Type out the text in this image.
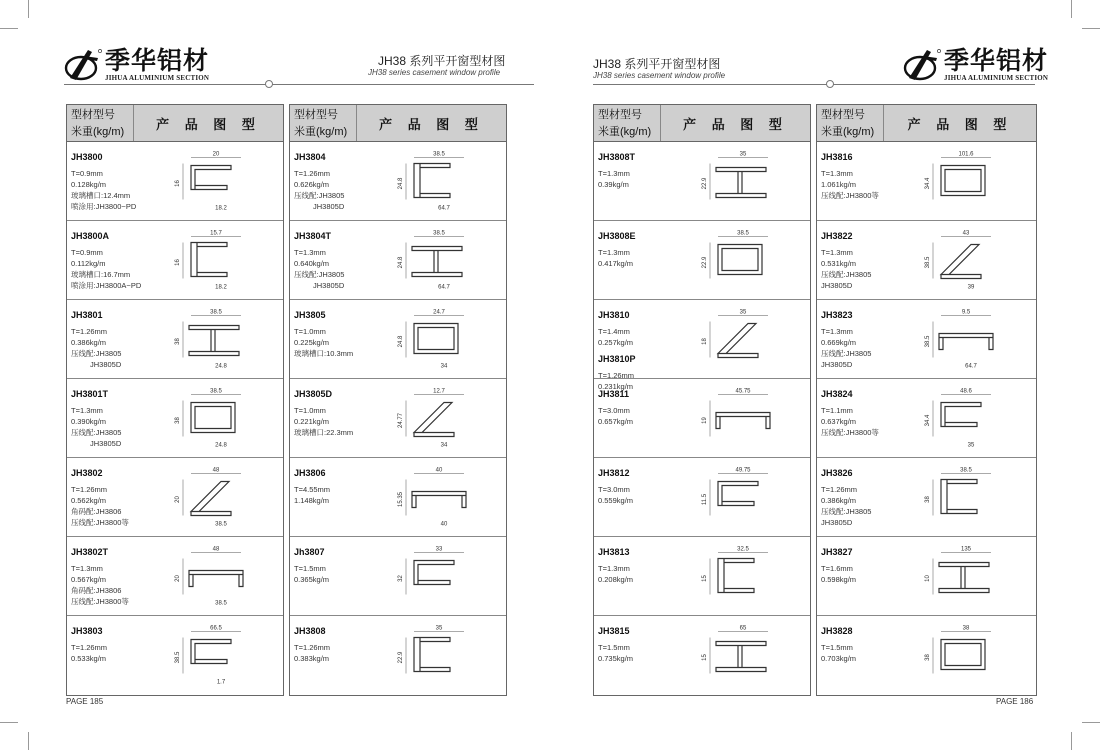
季华铝材
JIHUA ALUMINIUM SECTION
JH38 系列平开窗型材图
JH38 series casement window profile
JH38 系列平开窗型材图
JH38 series casement window profile
季华铝材
JIHUA ALUMINIUM SECTION
型材型号
米重(kg/m)
产 品 图 型
JH3800
T=0.9mm
0.128kg/m
玻璃槽口:12.4mm
喷涂用:JH3800−PD
20
16
18.2
JH3800A
T=0.9mm
0.112kg/m
玻璃槽口:16.7mm
喷涂用:JH3800A−PD
15.7
16
18.2
JH3801
T=1.26mm
0.386kg/m
压线配:JH3805
JH3805D
38.5
38
24.8
JH3801T
T=1.3mm
0.390kg/m
压线配:JH3805
JH3805D
38.5
38
24.8
JH3802
T=1.26mm
0.562kg/m
角码配:JH3806
压线配:JH3800等
48
20
38.5
JH3802T
T=1.3mm
0.567kg/m
角码配:JH3806
压线配:JH3800等
48
20
38.5
JH3803
T=1.26mm
0.533kg/m
66.5
38.5
1.7
型材型号
米重(kg/m)
产 品 图 型
JH3804
T=1.26mm
0.626kg/m
压线配:JH3805
JH3805D
38.5
24.8
64.7
JH3804T
T=1.3mm
0.640kg/m
压线配:JH3805
JH3805D
38.5
24.8
64.7
JH3805
T=1.0mm
0.225kg/m
玻璃槽口:10.3mm
24.7
24.8
34
JH3805D
T=1.0mm
0.221kg/m
玻璃槽口:22.3mm
12.7
24.77
34
JH3806
T=4.55mm
1.148kg/m
40
15.35
40
Jh3807
T=1.5mm
0.365kg/m
33
32
JH3808
T=1.26mm
0.383kg/m
35
22.9
型材型号
米重(kg/m)
产 品 图 型
JH3808T
T=1.3mm
0.39kg/m
35
22.9
JH3808E
T=1.3mm
0.417kg/m
38.5
22.9
JH3810
T=1.4mm
0.257kg/m
JH3810P
T=1.26mm
0.231kg/m
35
18
JH3811
T=3.0mm
0.657kg/m
45.75
19
JH3812
T=3.0mm
0.559kg/m
49.75
11.5
JH3813
T=1.3mm
0.208kg/m
32.5
15
JH3815
T=1.5mm
0.735kg/m
65
15
型材型号
米重(kg/m)
产 品 图 型
JH3816
T=1.3mm
1.061kg/m
压线配:JH3800等
101.6
34.4
JH3822
T=1.3mm
0.531kg/m
压线配:JH3805
JH3805D
43
38.5
39
JH3823
T=1.3mm
0.669kg/m
压线配:JH3805
JH3805D
9.5
38.5
64.7
JH3824
T=1.1mm
0.637kg/m
压线配:JH3800等
48.6
34.4
35
JH3826
T=1.26mm
0.386kg/m
压线配:JH3805
JH3805D
38.5
38
JH3827
T=1.6mm
0.598kg/m
135
10
JH3828
T=1.5mm
0.703kg/m
38
38
PAGE 185	PAGE 186
